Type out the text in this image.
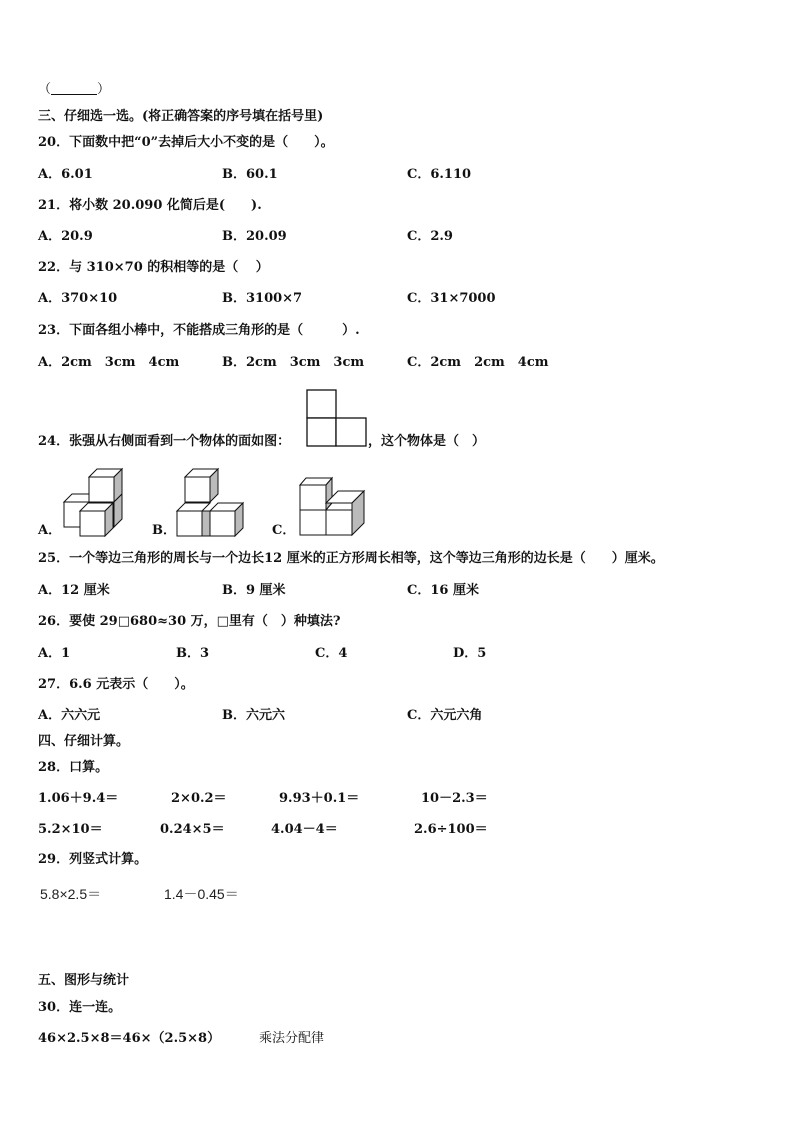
（	）
三、仔细选一选。(将正确答案的序号填在括号里)
20．下面数中把“0”去掉后大小不变的是（　　）。
A．6.01	B．60.1	C．6.110
21．将小数 20.090 化简后是(　　).
A．20.9	B．20.09	C．2.9
22．与 310×70 的积相等的是（　 ）
A．370×10	B．3100×7	C．31×7000
23．下面各组小棒中，不能搭成三角形的是（　　　）.
A．2cm　3cm　4cm	B．2cm　3cm　3cm	C．2cm　2cm　4cm
24．张强从右侧面看到一个物体的面如图：	，这个物体是（　）
A．	B．	C．
25．一个等边三角形的周长与一个边长12 厘米的正方形周长相等，这个等边三角形的边长是（　　）厘米。
A．12 厘米	B．9 厘米	C．16 厘米
26．要使 29□680≈30 万，□里有（　）种填法?
A．1	B．3	C．4	D．5
27．6.6 元表示（　　）。
A．六六元	B．六元六	C．六元六角
四、仔细计算。
28．口算。
1.06＋9.4＝	2×0.2＝	9.93＋0.1＝	10－2.3＝
5.2×10＝	0.24×5＝	4.04－4＝	2.6÷100＝
29．列竖式计算。
5.8×2.5＝	1.4－0.45＝
五、图形与统计
30．连一连。
46×2.5×8＝46×（2.5×8）	乘法分配律
